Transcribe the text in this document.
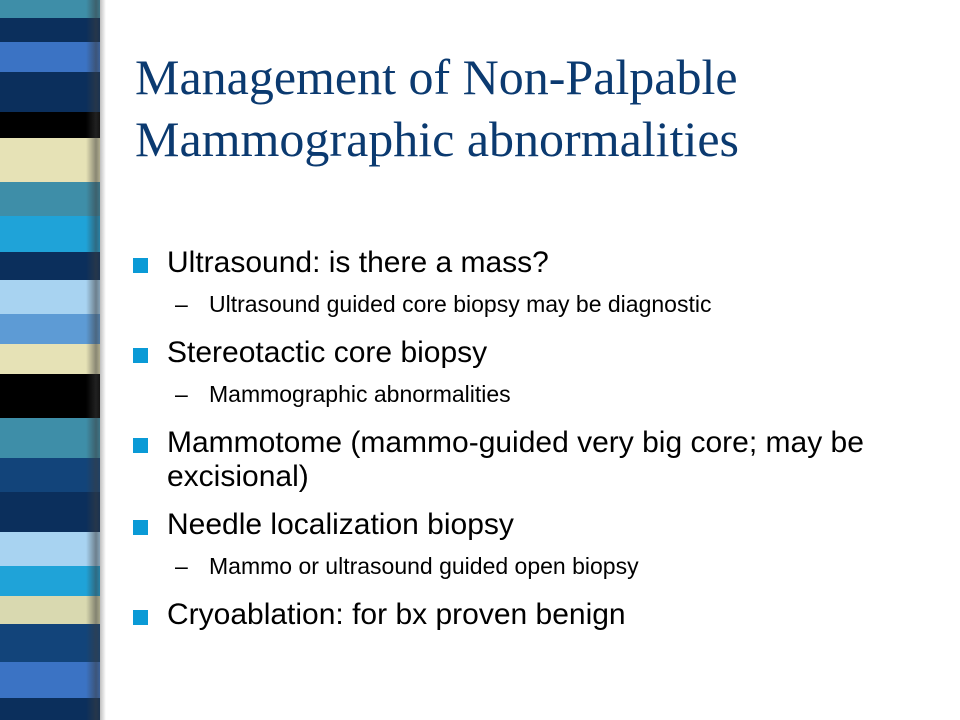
Management of Non-Palpable
Mammographic abnormalities
Ultrasound: is there a mass?
– Ultrasound guided core biopsy may be diagnostic
Stereotactic core biopsy
– Mammographic abnormalities
Mammotome (mammo-guided very big core; may be excisional)
Needle localization biopsy
– Mammo or ultrasound guided open biopsy
Cryoablation: for bx proven benign
